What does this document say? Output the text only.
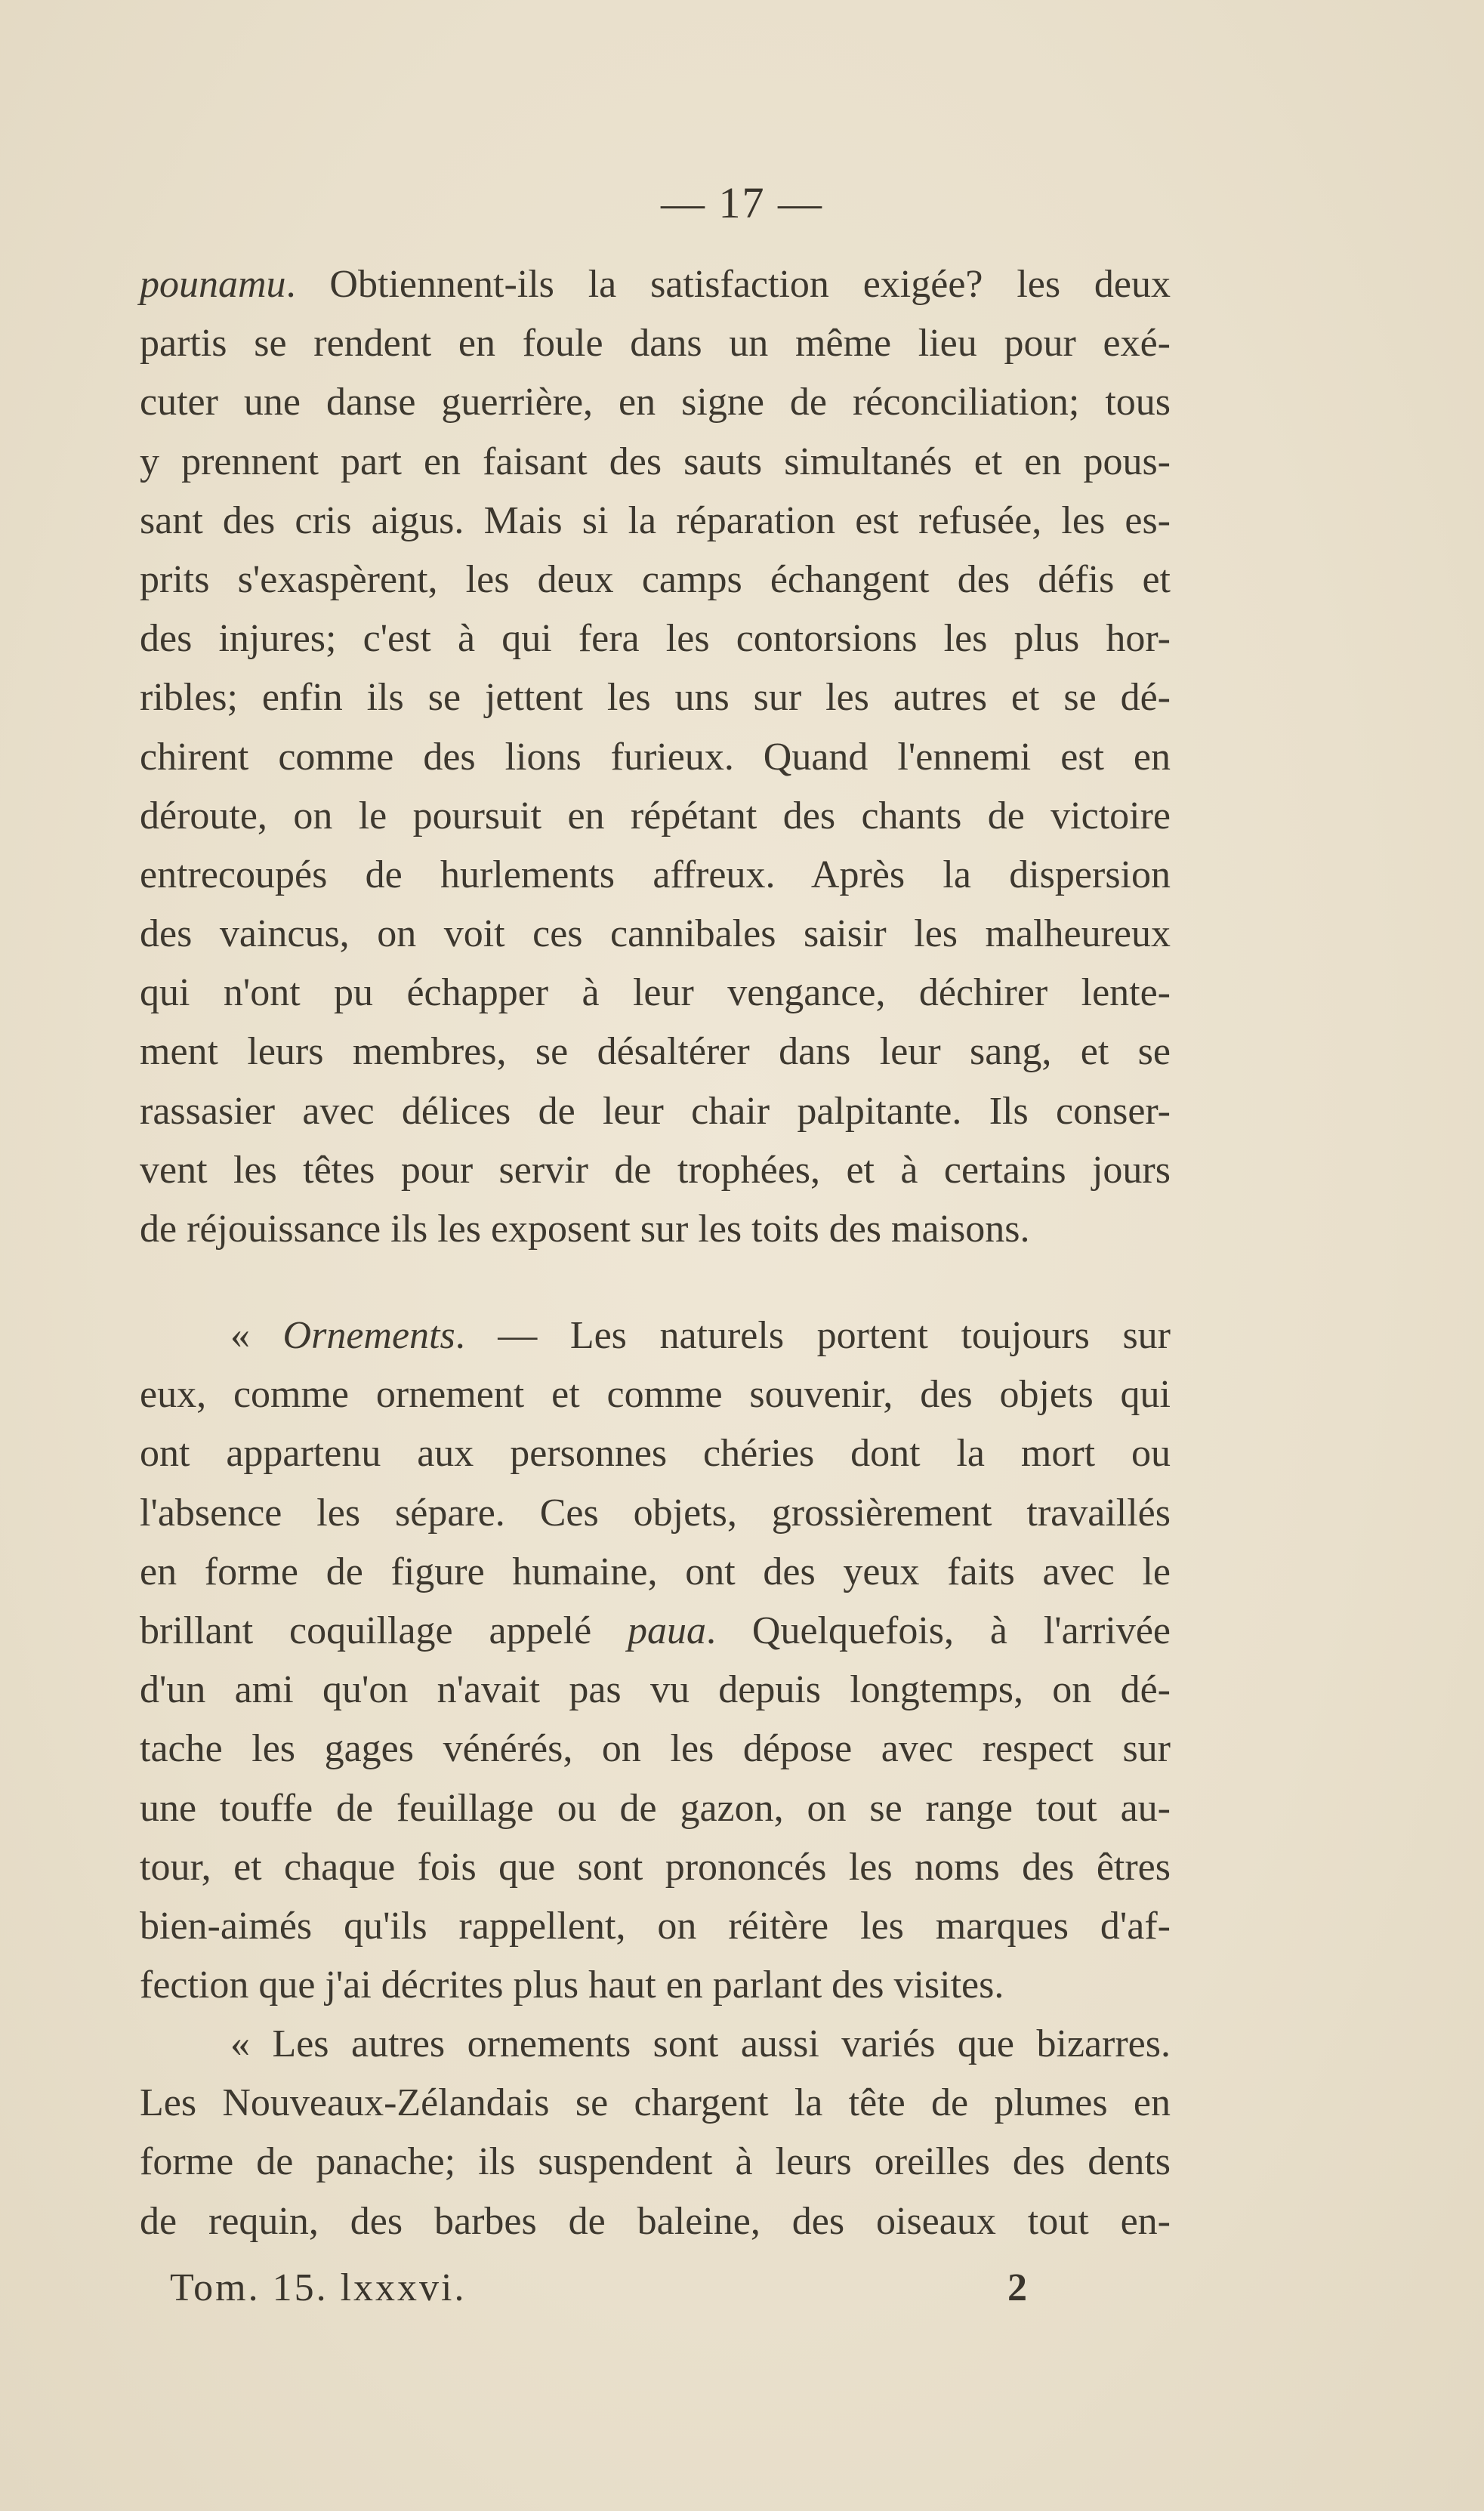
— 17 —
pounamu. Obtiennent-ils la satisfaction exigée? les deux
partis se rendent en foule dans un même lieu pour exé-
cuter une danse guerrière, en signe de réconciliation; tous
y prennent part en faisant des sauts simultanés et en pous-
sant des cris aigus. Mais si la réparation est refusée, les es-
prits s'exaspèrent, les deux camps échangent des défis et
des injures; c'est à qui fera les contorsions les plus hor-
ribles; enfin ils se jettent les uns sur les autres et se dé-
chirent comme des lions furieux. Quand l'ennemi est en
déroute, on le poursuit en répétant des chants de victoire
entrecoupés de hurlements affreux. Après la dispersion
des vaincus, on voit ces cannibales saisir les malheureux
qui n'ont pu échapper à leur vengance, déchirer lente-
ment leurs membres, se désaltérer dans leur sang, et se
rassasier avec délices de leur chair palpitante. Ils conser-
vent les têtes pour servir de trophées, et à certains jours
de réjouissance ils les exposent sur les toits des maisons.
« Ornements. — Les naturels portent toujours sur
eux, comme ornement et comme souvenir, des objets qui
ont appartenu aux personnes chéries dont la mort ou
l'absence les sépare. Ces objets, grossièrement travaillés
en forme de figure humaine, ont des yeux faits avec le
brillant coquillage appelé paua. Quelquefois, à l'arrivée
d'un ami qu'on n'avait pas vu depuis longtemps, on dé-
tache les gages vénérés, on les dépose avec respect sur
une touffe de feuillage ou de gazon, on se range tout au-
tour, et chaque fois que sont prononcés les noms des êtres
bien-aimés qu'ils rappellent, on réitère les marques d'af-
fection que j'ai décrites plus haut en parlant des visites.
« Les autres ornements sont aussi variés que bizarres.
Les Nouveaux-Zélandais se chargent la tête de plumes en
forme de panache; ils suspendent à leurs oreilles des dents
de requin, des barbes de baleine, des oiseaux tout en-
Tom. 15. lxxxvi.	2
